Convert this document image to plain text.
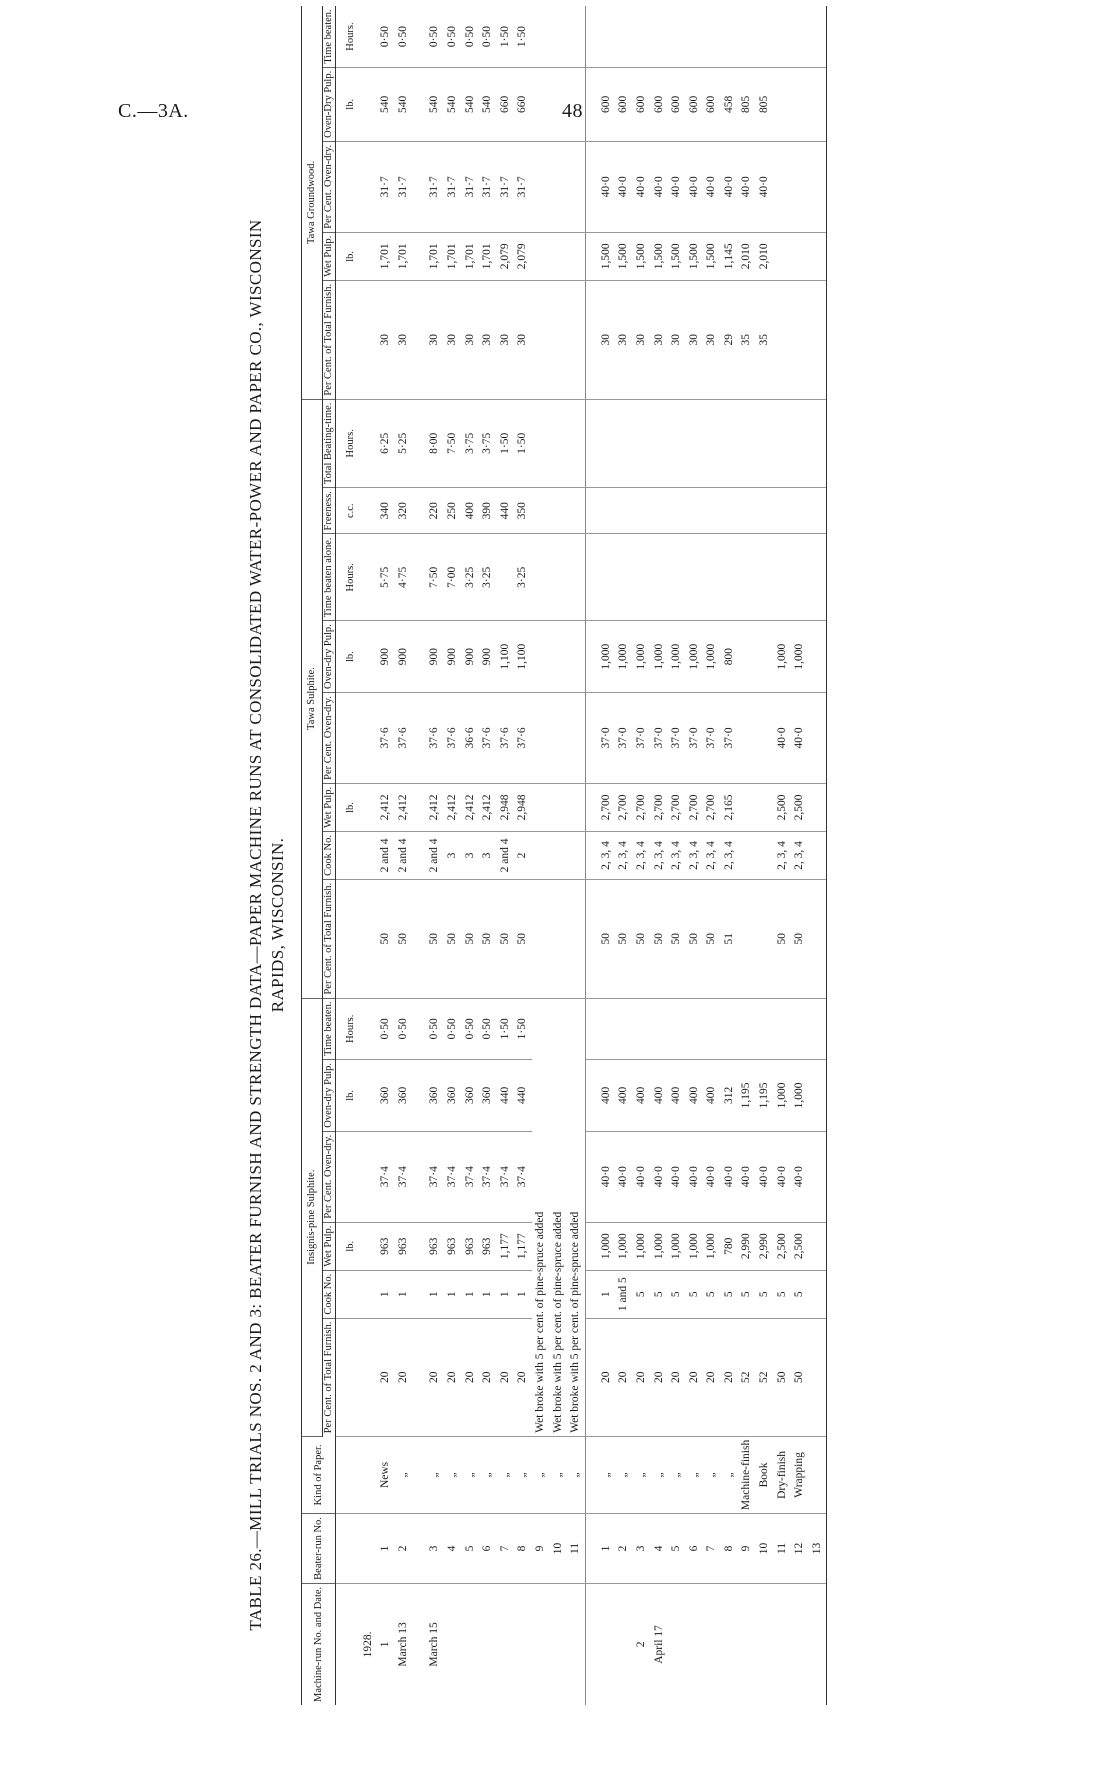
C.—3A.	48
TABLE 26.—MILL TRIALS NOS. 2 AND 3: BEATER FURNISH AND STRENGTH DATA—PAPER MACHINE RUNS AT CONSOLIDATED WATER-POWER AND PAPER CO., WISCONSIN RAPIDS, WISCONSIN.
Machine-run No. and Date.	Beater-run No.	Kind of Paper.	Insignis-pine Sulphite.						Tawa Sulphite.								Tawa Groundwood.				
			Per Cent. of Total Furnish.	Cook No.	Wet Pulp.	Per Cent. Oven-dry.	Oven-dry Pulp.	Time beaten.	Per Cent. of Total Furnish.	Cook No.	Wet Pulp.	Per Cent. Oven-dry.	Oven-dry Pulp.	Time beaten alone.	Freeness.	Total Beating-time.	Per Cent. of Total Furnish.	Wet Pulp.	Per Cent. Oven-dry.	Oven-Dry Pulp.	Time beaten.
					lb.		lb.	Hours.			lb.		lb.	Hours.	c.c.	Hours.		lb.		lb.	Hours.
1928.																					
1	1	News	20	1	963	37·4	360	0·50	50	2 and 4	2,412	37·6	900	5·75	340	6·25	30	1,701	31·7	540	0·50
March 13	2	„	20	1	963	37·4	360	0·50	50	2 and 4	2,412	37·6	900	4·75	320	5·25	30	1,701	31·7	540	0·50

March 15	3	„	20	1	963	37·4	360	0·50	50	2 and 4	2,412	37·6	900	7·50	220	8·00	30	1,701	31·7	540	0·50
	4	„	20	1	963	37·4	360	0·50	50	3	2,412	37·6	900	7·00	250	7·50	30	1,701	31·7	540	0·50
	5	„	20	1	963	37·4	360	0·50	50	3	2,412	36·6	900	3·25	400	3·75	30	1,701	31·7	540	0·50
	6	„	20	1	963	37·4	360	0·50	50	3	2,412	37·6	900	3·25	390	3·75	30	1,701	31·7	540	0·50
	7	„	20	1	1,177	37·4	440	1·50	50	2 and 4	2,948	37·6	1,100		440	1·50	30	2,079	31·7	660	1·50
	8	„	20	1	1,177	37·4	440	1·50	50	2	2,948	37·6	1,100	3·25	350	1·50	30	2,079	31·7	660	1·50
	9	„	Wet broke with 5 per cent. of pine-spruce added																		
	10	„	Wet broke with 5 per cent. of pine-spruce added																		
	11	„	Wet broke with 5 per cent. of pine-spruce added																		

	1	„	20	1	1,000	40·0	400		50	2, 3, 4	2,700	37·0	1,000				30	1,500	40·0	600	
	2	„	20	1 and 5	1,000	40·0	400		50	2, 3, 4	2,700	37·0	1,000				30	1,500	40·0	600	
2	3	„	20	5	1,000	40·0	400		50	2, 3, 4	2,700	37·0	1,000				30	1,500	40·0	600	
April 17	4	„	20	5	1,000	40·0	400		50	2, 3, 4	2,700	37·0	1,000				30	1,500	40·0	600	
	5	„	20	5	1,000	40·0	400		50	2, 3, 4	2,700	37·0	1,000				30	1,500	40·0	600	
	6	„	20	5	1,000	40·0	400		50	2, 3, 4	2,700	37·0	1,000				30	1,500	40·0	600	
	7	„	20	5	1,000	40·0	400		50	2, 3, 4	2,700	37·0	1,000				30	1,500	40·0	600	
	8	„	20	5	780	40·0	312		51	2, 3, 4	2,165	37·0	800				29	1,145	40·0	458	
	9	Machine-finish	52	5	2,990	40·0	1,195										35	2,010	40·0	805	
	10	Book	52	5	2,990	40·0	1,195										35	2,010	40·0	805	
	11	Dry-finish	50	5	2,500	40·0	1,000		50	2, 3, 4	2,500	40·0	1,000								
	12	Wrapping	50	5	2,500	40·0	1,000		50	2, 3, 4	2,500	40·0	1,000								
	13																				
